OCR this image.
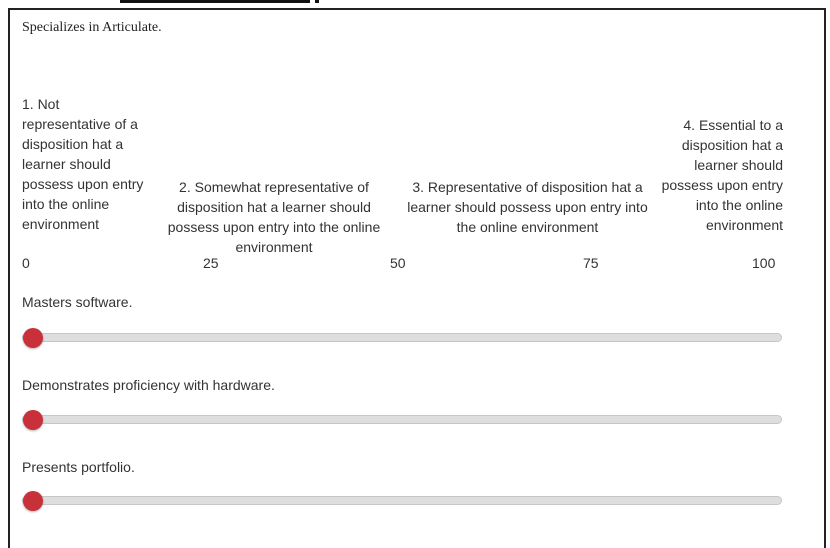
Specializes in Articulate.
1. Not representative of a disposition hat a learner should possess upon entry into the online environment
2. Somewhat representative of disposition hat a learner should possess upon entry into the online environment
3. Representative of disposition hat a learner should possess upon entry into the online environment
4. Essential to a disposition hat a learner should possess upon entry into the online environment
0	25	50	75	100
Masters software.
Demonstrates proficiency with hardware.
Presents portfolio.
